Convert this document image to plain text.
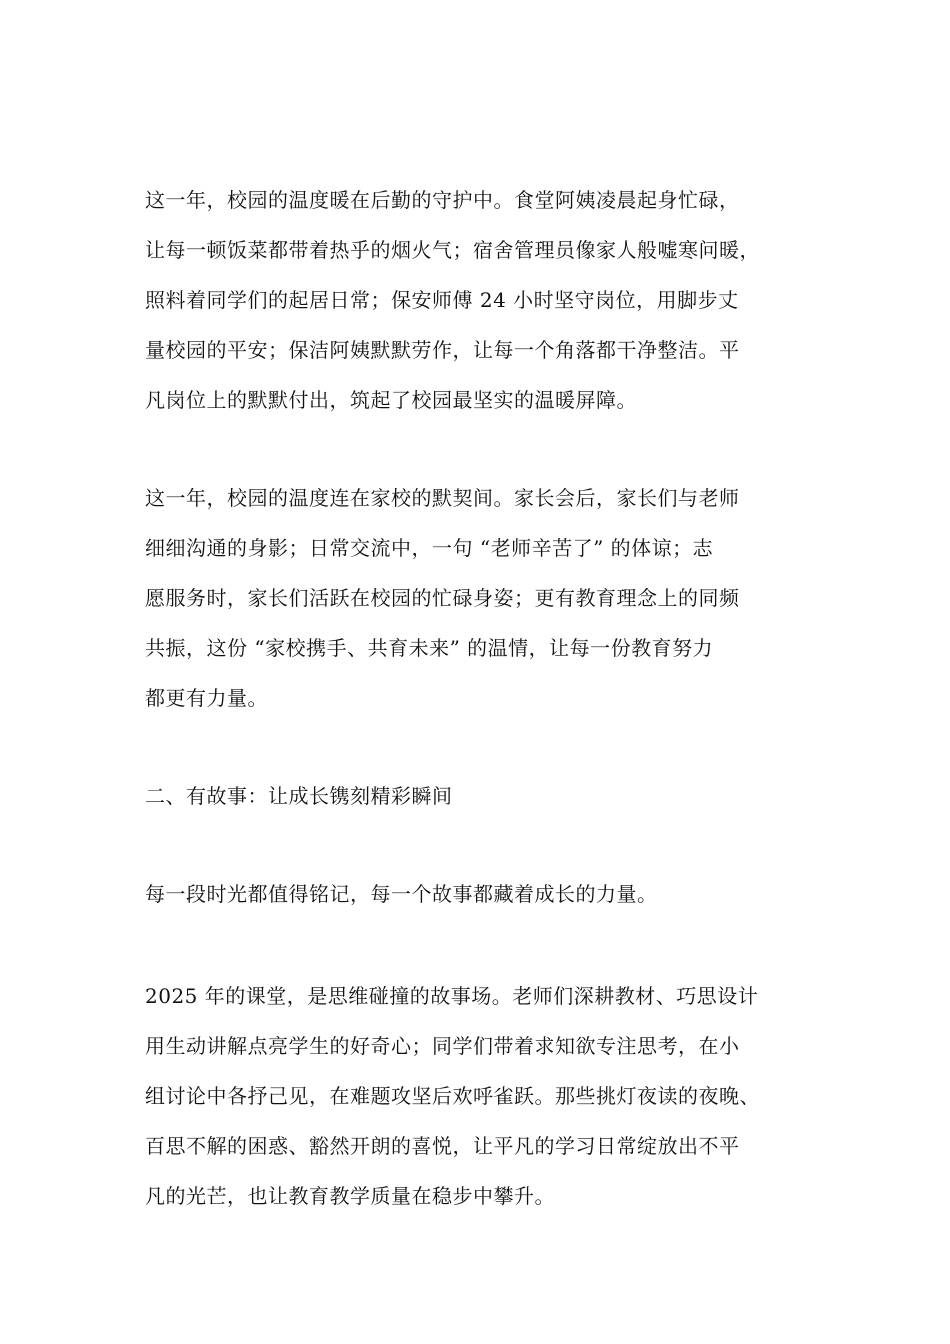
这一年，校园的温度暖在后勤的守护中。食堂阿姨凌晨起身忙碌，
让每一顿饭菜都带着热乎的烟火气；宿舍管理员像家人般嘘寒问暖，
照料着同学们的起居日常；保安师傅 24 小时坚守岗位，用脚步丈
量校园的平安；保洁阿姨默默劳作，让每一个角落都干净整洁。平
凡岗位上的默默付出，筑起了校园最坚实的温暖屏障。
这一年，校园的温度连在家校的默契间。家长会后，家长们与老师
细细沟通的身影；日常交流中，一句 “老师辛苦了” 的体谅；志
愿服务时，家长们活跃在校园的忙碌身姿；更有教育理念上的同频
共振，这份 “家校携手、共育未来” 的温情，让每一份教育努力
都更有力量。
二、有故事：让成长镌刻精彩瞬间
每一段时光都值得铭记，每一个故事都藏着成长的力量。
2025 年的课堂，是思维碰撞的故事场。老师们深耕教材、巧思设计
用生动讲解点亮学生的好奇心；同学们带着求知欲专注思考，在小
组讨论中各抒己见，在难题攻坚后欢呼雀跃。那些挑灯夜读的夜晚、
百思不解的困惑、豁然开朗的喜悦，让平凡的学习日常绽放出不平
凡的光芒，也让教育教学质量在稳步中攀升。
